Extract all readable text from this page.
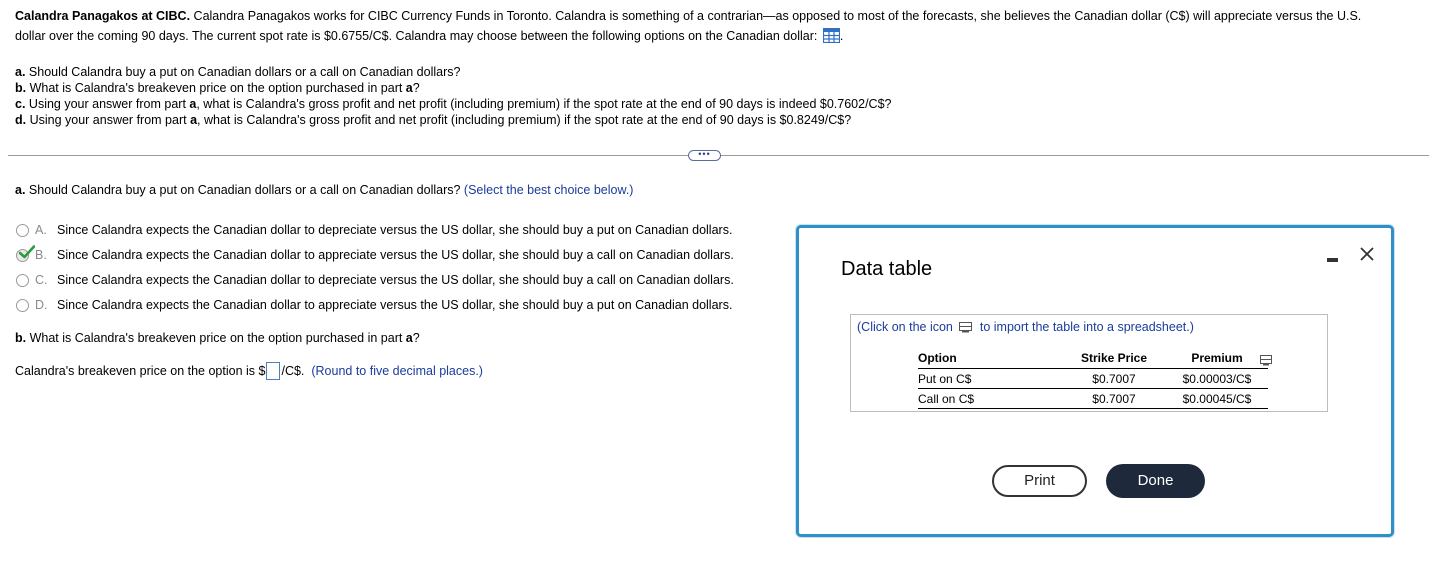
Calandra Panagakos at CIBC. Calandra Panagakos works for CIBC Currency Funds in Toronto. Calandra is something of a contrarian—as opposed to most of the forecasts, she believes the Canadian dollar (C$) will appreciate versus the U.S.
dollar over the coming 90 days. The current spot rate is $0.6755/C$. Calandra may choose between the following options on the Canadian dollar: .
a. Should Calandra buy a put on Canadian dollars or a call on Canadian dollars?
b. What is Calandra's breakeven price on the option purchased in part a?
c. Using your answer from part a, what is Calandra's gross profit and net profit (including premium) if the spot rate at the end of 90 days is indeed $0.7602/C$?
d. Using your answer from part a, what is Calandra's gross profit and net profit (including premium) if the spot rate at the end of 90 days is $0.8249/C$?
•••
a. Should Calandra buy a put on Canadian dollars or a call on Canadian dollars? (Select the best choice below.)
A. Since Calandra expects the Canadian dollar to depreciate versus the US dollar, she should buy a put on Canadian dollars.
B. Since Calandra expects the Canadian dollar to appreciate versus the US dollar, she should buy a call on Canadian dollars.
C. Since Calandra expects the Canadian dollar to depreciate versus the US dollar, she should buy a call on Canadian dollars.
D. Since Calandra expects the Canadian dollar to appreciate versus the US dollar, she should buy a put on Canadian dollars.
b. What is Calandra's breakeven price on the option purchased in part a?
Calandra's breakeven price on the option is $ /C$.
(Round to five decimal places.)
Data table
(Click on the icon to import the table into a spreadsheet.)
Option	Strike Price	Premium
Put on C$	$0.7007	$0.00003/C$
Call on C$	$0.7007	$0.00045/C$
Print	Done
